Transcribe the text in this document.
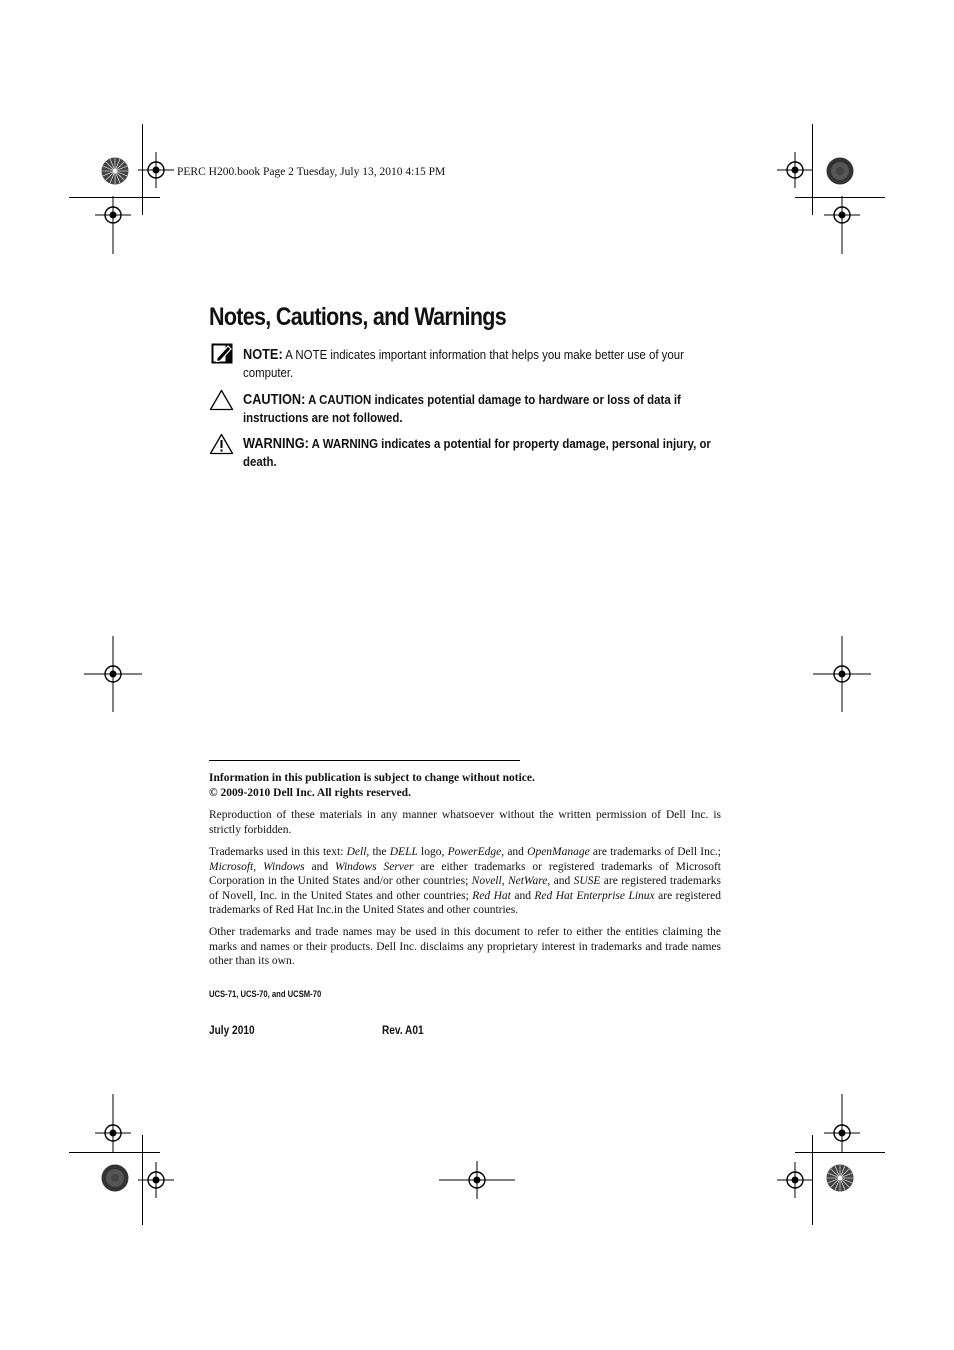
PERC H200.book Page 2 Tuesday, July 13, 2010 4:15 PM
Notes, Cautions, and Warnings
NOTE: A NOTE indicates important information that helps you make better use of your computer.
CAUTION: A CAUTION indicates potential damage to hardware or loss of data if instructions are not followed.
WARNING: A WARNING indicates a potential for property damage, personal injury, or death.
Information in this publication is subject to change without notice.
© 2009-2010 Dell Inc. All rights reserved.
Reproduction of these materials in any manner whatsoever without the written permission of Dell Inc. is strictly forbidden.
Trademarks used in this text: Dell, the DELL logo, PowerEdge, and OpenManage are trademarks of Dell Inc.; Microsoft, Windows and Windows Server are either trademarks or registered trademarks of Microsoft Corporation in the United States and/or other countries; Novell, NetWare, and SUSE are registered trademarks of Novell, Inc. in the United States and other countries; Red Hat and Red Hat Enterprise Linux are registered trademarks of Red Hat Inc.in the United States and other countries.
Other trademarks and trade names may be used in this document to refer to either the entities claiming the marks and names or their products. Dell Inc. disclaims any proprietary interest in trademarks and trade names other than its own.
UCS-71, UCS-70, and UCSM-70
July 2010	Rev. A01
